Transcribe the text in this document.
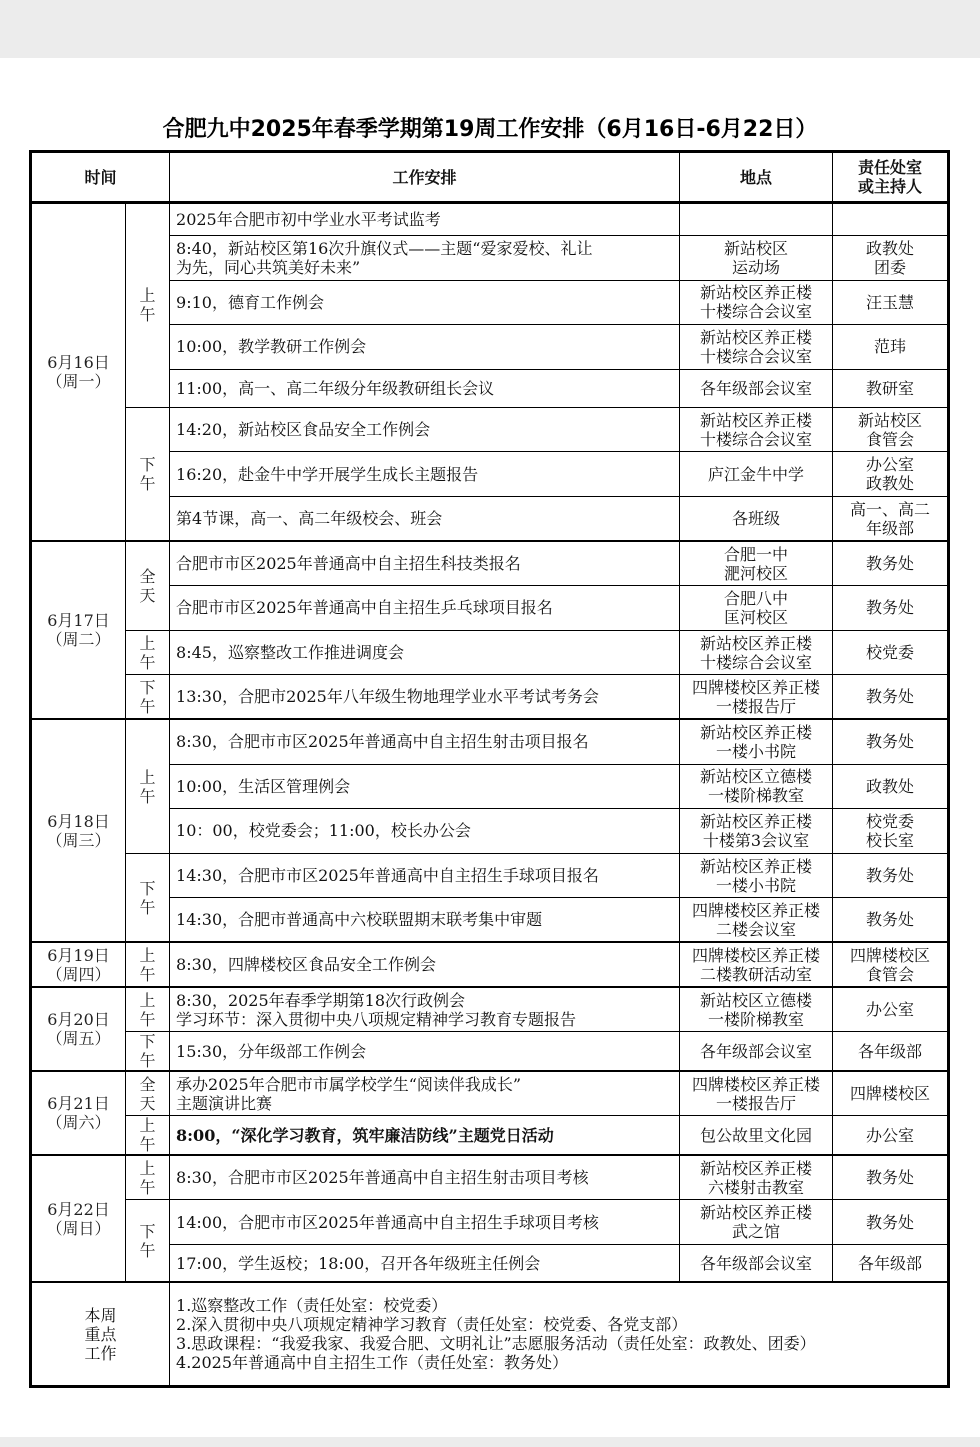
合肥九中2025年春季学期第19周工作安排（6月16日-6月22日）
时间		工作安排	地点	责任处室
或主持人

6月16日
（周一）	上午	2025年合肥市初中学业水平考试监考		

		8:40，新站校区第16次升旗仪式——主题“爱家爱校、礼让
为先，同心共筑美好未来”	新站校区
运动场	政教处
团委

		9:10，德育工作例会	新站校区养正楼
十楼综合会议室	汪玉慧

		10:00，教学教研工作例会	新站校区养正楼
十楼综合会议室	范玮

		11:00，高一、高二年级分年级教研组长会议	各年级部会议室	教研室

	下午	14:20，新站校区食品安全工作例会	新站校区养正楼
十楼综合会议室	新站校区
食管会

		16:20，赴金牛中学开展学生成长主题报告	庐江金牛中学	办公室
政教处

		第4节课，高一、高二年级校会、班会	各班级	高一、高二
年级部

6月17日
（周二）	全天	合肥市市区2025年普通高中自主招生科技类报名	合肥一中
淝河校区	教务处

		合肥市市区2025年普通高中自主招生乒乓球项目报名	合肥八中
匡河校区	教务处

	上午	8:45，巡察整改工作推进调度会	新站校区养正楼
十楼综合会议室	校党委

	下午	13:30，合肥市2025年八年级生物地理学业水平考试考务会	四牌楼校区养正楼
一楼报告厅	教务处

6月18日
（周三）	上午	8:30，合肥市市区2025年普通高中自主招生射击项目报名	新站校区养正楼
一楼小书院	教务处

		10:00，生活区管理例会	新站校区立德楼
一楼阶梯教室	政教处

		10：00，校党委会；11:00，校长办公会	新站校区养正楼
十楼第3会议室	校党委
校长室

	下午	14:30，合肥市市区2025年普通高中自主招生手球项目报名	新站校区养正楼
一楼小书院	教务处

		14:30，合肥市普通高中六校联盟期末联考集中审题	四牌楼校区养正楼
二楼会议室	教务处

6月19日
（周四）	上午	8:30，四牌楼校区食品安全工作例会	四牌楼校区养正楼
二楼教研活动室	四牌楼校区
食管会

6月20日
（周五）	上午	8:30，2025年春季学期第18次行政例会
学习环节：深入贯彻中央八项规定精神学习教育专题报告	新站校区立德楼
一楼阶梯教室	办公室

	下午	15:30，分年级部工作例会	各年级部会议室	各年级部

6月21日
（周六）	全天	承办2025年合肥市市属学校学生“阅读伴我成长”
主题演讲比赛	四牌楼校区养正楼
一楼报告厅	四牌楼校区

	上午	8:00，“深化学习教育，筑牢廉洁防线”主题党日活动	包公故里文化园	办公室

6月22日
（周日）	上午	8:30，合肥市市区2025年普通高中自主招生射击项目考核	新站校区养正楼
六楼射击教室	教务处

	下午	14:00，合肥市市区2025年普通高中自主招生手球项目考核	新站校区养正楼
武之馆	教务处

		17:00，学生返校；18:00，召开各年级班主任例会	各年级部会议室	各年级部

本周
重点
工作		1.巡察整改工作（责任处室：校党委）
2.深入贯彻中央八项规定精神学习教育（责任处室：校党委、各党支部）
3.思政课程：“我爱我家、我爱合肥、文明礼让”志愿服务活动（责任处室：政教处、团委）
4.2025年普通高中自主招生工作（责任处室：教务处）		
